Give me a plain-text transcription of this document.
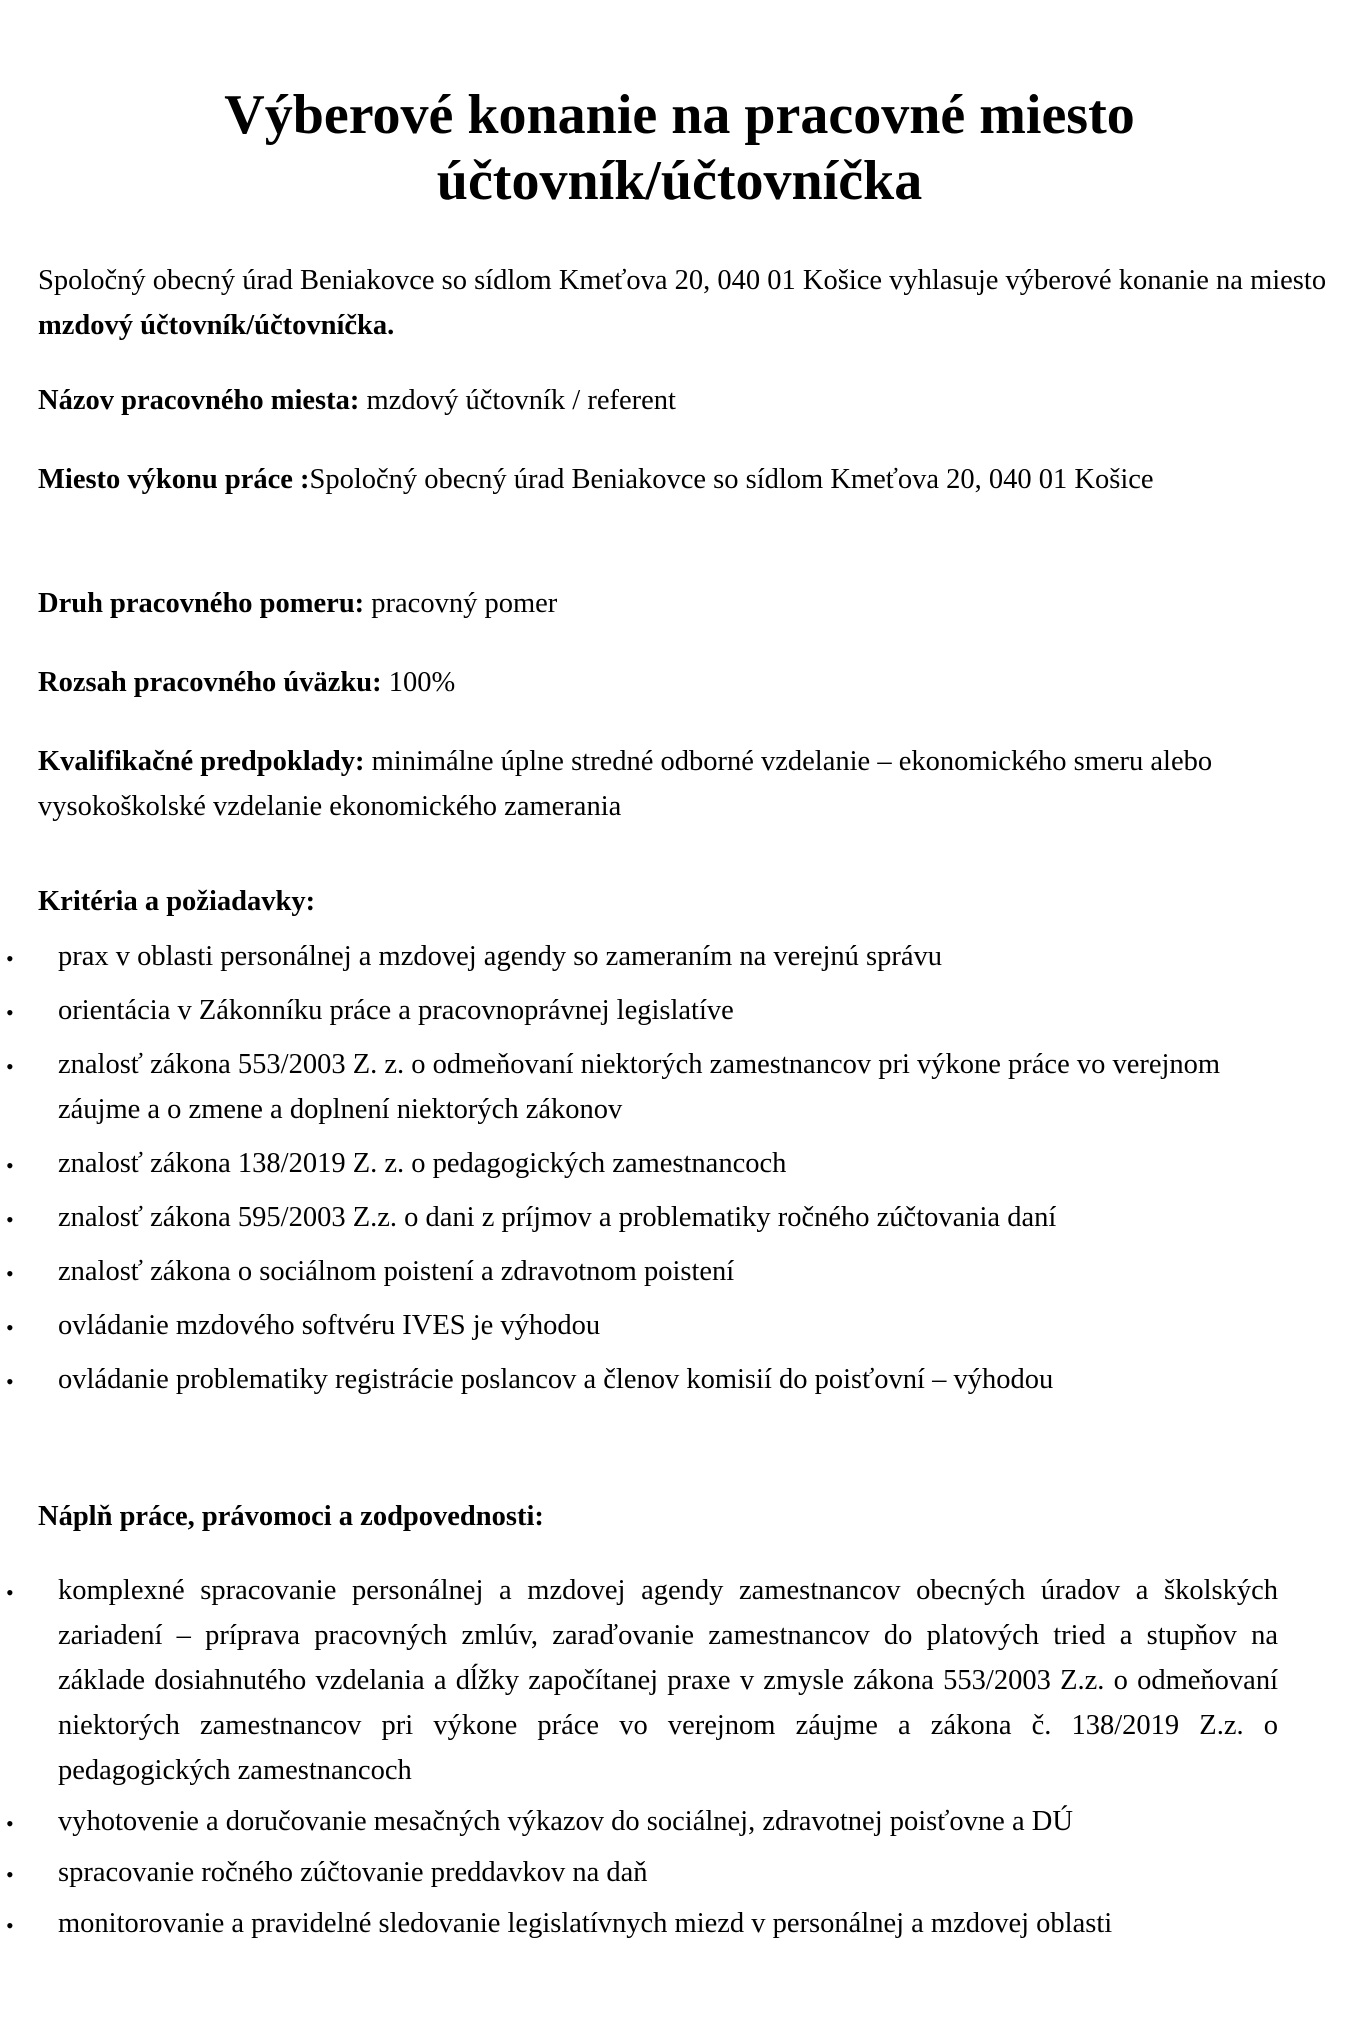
Výberové konanie na pracovné miesto
účtovník/účtovníčka

Spoločný obecný úrad Beniakovce so sídlom Kmeťova 20, 040 01 Košice vyhlasuje výberové konanie na miesto mzdový účtovník/účtovníčka.

Názov pracovného miesta: mzdový účtovník / referent

Miesto výkonu práce :Spoločný obecný úrad Beniakovce so sídlom Kmeťova 20, 040 01 Košice

Druh pracovného pomeru: pracovný pomer

Rozsah pracovného úväzku: 100%

Kvalifikačné predpoklady: minimálne úplne stredné odborné vzdelanie – ekonomického smeru alebo vysokoškolské vzdelanie ekonomického zamerania

Kritéria a požiadavky:

• prax v oblasti personálnej a mzdovej agendy so zameraním na verejnú správu
• orientácia v Zákonníku práce a pracovnoprávnej legislatíve
• znalosť zákona 553/2003 Z. z. o odmeňovaní niektorých zamestnancov pri výkone práce vo verejnom záujme a o zmene a doplnení niektorých zákonov
• znalosť zákona 138/2019 Z. z. o pedagogických zamestnancoch
• znalosť zákona 595/2003 Z.z. o dani z príjmov a problematiky ročného zúčtovania daní
• znalosť zákona o sociálnom poistení a zdravotnom poistení
• ovládanie mzdového softvéru IVES je výhodou
• ovládanie problematiky registrácie poslancov a členov komisií do poisťovní – výhodou

Náplň práce, právomoci a zodpovednosti:

• komplexné spracovanie personálnej a mzdovej agendy zamestnancov obecných úradov a školských zariadení – príprava pracovných zmlúv, zaraďovanie zamestnancov do platových tried a stupňov na základe dosiahnutého vzdelania a dĺžky započítanej praxe v zmysle zákona 553/2003 Z.z. o odmeňovaní niektorých zamestnancov pri výkone práce vo verejnom záujme a zákona č. 138/2019 Z.z. o pedagogických zamestnancoch
• vyhotovenie a doručovanie mesačných výkazov do sociálnej, zdravotnej poisťovne a DÚ
• spracovanie ročného zúčtovanie preddavkov na daň
• monitorovanie a pravidelné sledovanie legislatívnych miezd v personálnej a mzdovej oblasti
